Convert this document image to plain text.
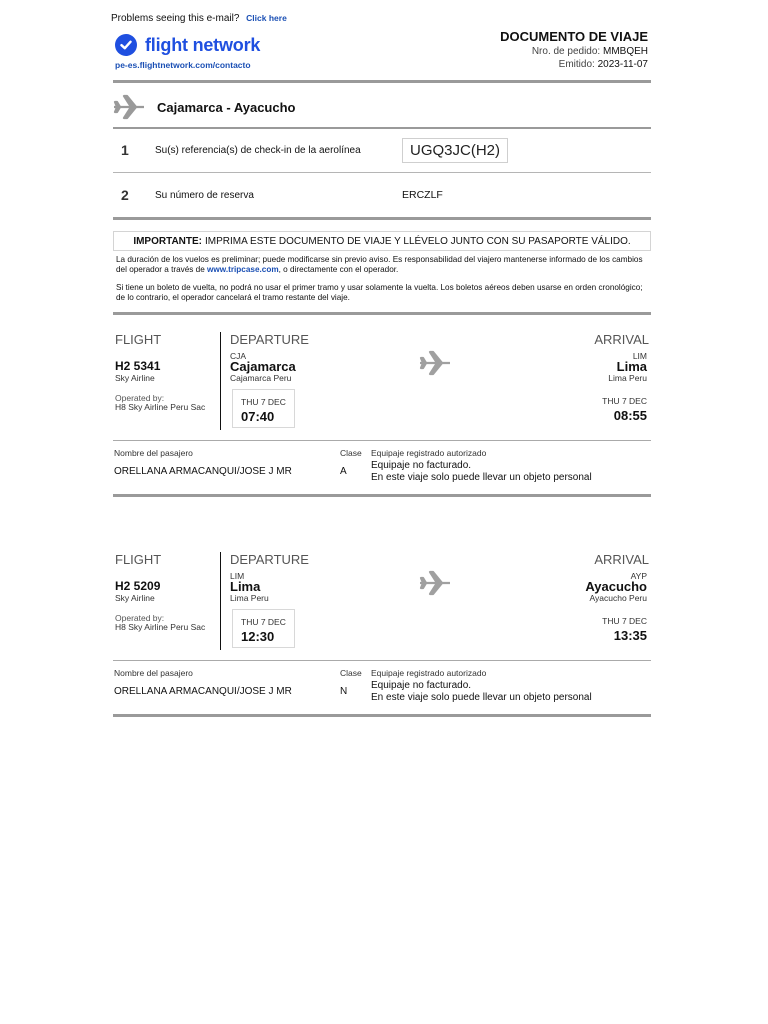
Problems seeing this e-mail? Click here
flight network
pe-es.flightnetwork.com/contacto
DOCUMENTO DE VIAJE
Nro. de pedido: MMBQEH
Emitido: 2023-11-07
Cajamarca - Ayacucho
1	Su(s) referencia(s) de check-in de la aerolínea	UGQ3JC(H2)
2	Su número de reserva	ERCZLF
IMPORTANTE: IMPRIMA ESTE DOCUMENTO DE VIAJE Y LLÉVELO JUNTO CON SU PASAPORTE VÁLIDO.
La duración de los vuelos es preliminar; puede modificarse sin previo aviso. Es responsabilidad del viajero mantenerse informado de los cambios del operador a través de www.tripcase.com, o directamente con el operador.
Si tiene un boleto de vuelta, no podrá no usar el primer tramo y usar solamente la vuelta. Los boletos aéreos deben usarse en orden cronológico; de lo contrario, el operador cancelará el tramo restante del viaje.
FLIGHT
H2 5341
Sky Airline
Operated by:
H8 Sky Airline Peru Sac
DEPARTURE
CJA
Cajamarca
Cajamarca Peru
THU 7 DEC
07:40
ARRIVAL
LIM
Lima
Lima Peru
THU 7 DEC
08:55
Nombre del pasajero	Clase Equipaje registrado autorizado
ORELLANA ARMACANQUI/JOSE J MR	A
Equipaje no facturado.
En este viaje solo puede llevar un objeto personal
FLIGHT
H2 5209
Sky Airline
Operated by:
H8 Sky Airline Peru Sac
DEPARTURE
LIM
Lima
Lima Peru
THU 7 DEC
12:30
ARRIVAL
AYP
Ayacucho
Ayacucho Peru
THU 7 DEC
13:35
Nombre del pasajero	Clase Equipaje registrado autorizado
ORELLANA ARMACANQUI/JOSE J MR	N
Equipaje no facturado.
En este viaje solo puede llevar un objeto personal
